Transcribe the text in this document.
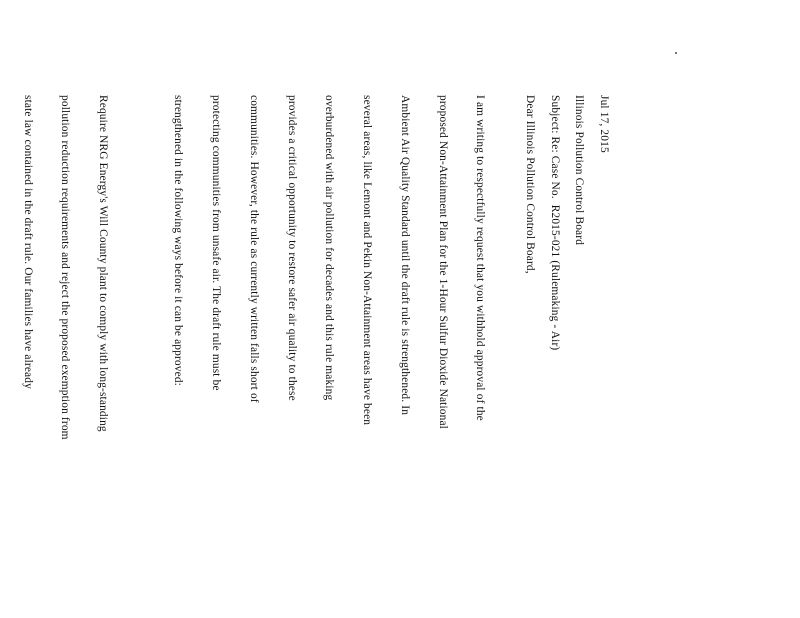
Jul 17, 2015
Illinois Pollution Control Board
Subject: Re: Case No.  R2015-021 (Rulemaking - Air)
Dear Illinois Pollution Control Board,

I am writing to respectfully request that you withhold approval of the

proposed Non-Attainment Plan for the 1-Hour Sulfur Dioxide National

Ambient Air Quality Standard until the draft rule is strengthened. In

several areas, like Lemont and Pekin Non-Attainment areas have been

overburdened with air pollution for decades and this rule making

provides a critical opportunity to restore safer air quality to these

communities. However, the rule as currently written falls short of

protecting communities from unsafe air. The draft rule must be

strengthened in the following ways before it can be approved:

Require NRG Energy's Will County plant to comply with long-standing

pollution reduction requirements and reject the proposed exemption from

state law contained in the draft rule. Our families have already
